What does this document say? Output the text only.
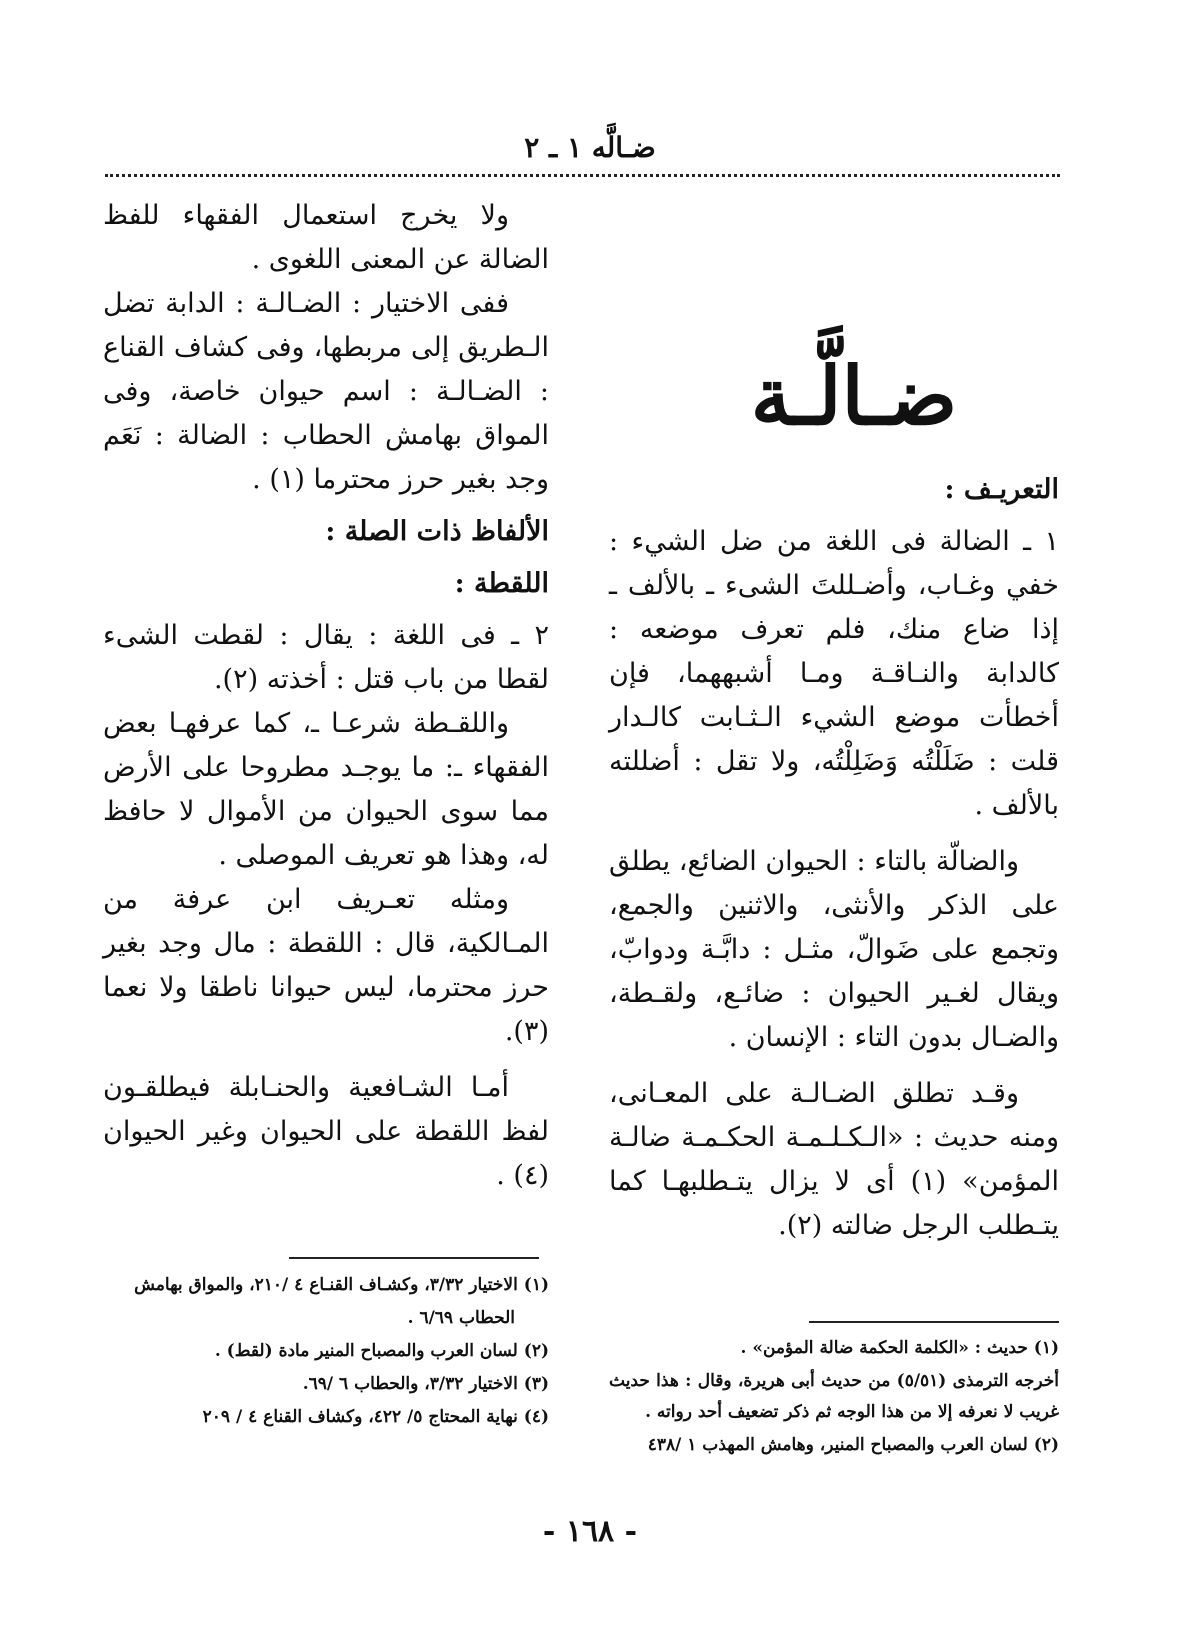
ضـالَّه ١ ـ ٢
ضـالَّـة
التعريـف :

١ ـ الضالة فى اللغة من ضل الشيء : خفي وغـاب، وأضـللتَ الشىء ـ بالألف ـ إذا ضاع منك، فلم تعرف موضعه : كالدابة والنـاقـة ومـا أشبههما، فإن أخطأت موضع الشيء الـثـابت كالـدار قلت : ضَلَلْتُه وَضَلِلْتُه، ولا تقل : أضللته بالألف .

والضالّة بالتاء : الحيوان الضائع، يطلق على الذكر والأنثى، والاثنين والجمع، وتجمع على ضَوالّ، مثـل : دابَّـة ودوابّ، ويقال لغـير الحيوان : ضائـع، ولقـطة، والضـال بدون التاء : الإنسان .

وقـد تطلق الضـالـة على المعـانى، ومنه حديث : «الـكـلـمـة الحكـمـة ضالـة المؤمن» (١) أى لا يزال يتـطلبهـا كما يتـطلب الرجل ضالته (٢).

ولا يخرج استعمال الفقهاء للفظ الضالة عن المعنى اللغوى .

ففى الاختيار : الضـالـة : الدابة تضل الـطريق إلى مربطها، وفى كشاف القناع : الضـالـة : اسم حيوان خاصة، وفى المواق بهامش الحطاب : الضالة : نَعَم وجد بغير حرز محترما (١) .

الألفاظ ذات الصلة :
اللقطة :

٢ ـ فى اللغة : يقال : لقطت الشىء لقطا من باب قتل : أخذته (٢).

واللقـطة شرعـا ـ، كما عرفهـا بعض الفقهاء ـ: ما يوجـد مطروحا على الأرض مما سوى الحيوان من الأموال لا حافظ له، وهذا هو تعريف الموصلى .

ومثله تعـريف ابن عرفة من المـالكية، قال : اللقطة : مال وجد بغير حرز محترما، ليس حيوانا ناطقا ولا نعما (٣).

أمـا الشـافعية والحنـابلة فيطلقـون لفظ اللقطة على الحيوان وغير الحيوان (٤) .

(١) حديث : «الكلمة الحكمة ضالة المؤمن» .
أخرجه الترمذى (٥/٥١) من حديث أبى هريرة، وقال : هذا حديث غريب لا نعرفه إلا من هذا الوجه ثم ذكر تضعيف أحد رواته .
(٢) لسان العرب والمصباح المنير، وهامش المهذب ١ /٤٣٨
(١) الاختيار ٣/٣٢، وكشـاف القنـاع ٤ /٢١٠، والمواق بهامش
الحطاب ٦/٦٩ .
(٢) لسان العرب والمصباح المنير مادة (لقط) .
(٣) الاختيار ٣/٣٢، والحطاب ٦ /٦٩.
(٤) نهاية المحتاج ٥/ ٤٢٢، وكشاف القناع ٤ / ٢٠٩
- ١٦٨ -
